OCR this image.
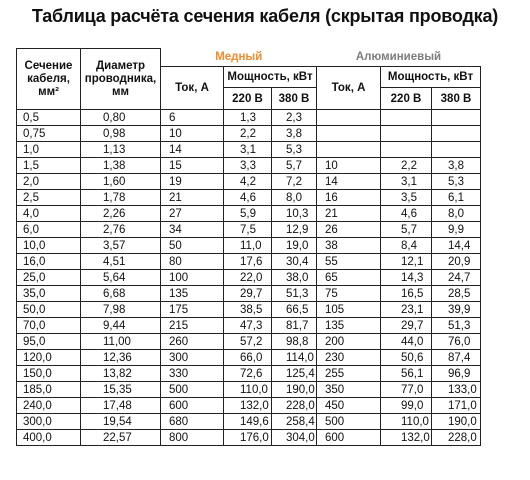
Таблица расчёта сечения кабеля (скрытая проводка)
Сечение
кабеля,
мм²	Диаметр
проводника,
мм	Медный			Алюминиевый		
		Ток, А	Мощность, кВт		Ток, А	Мощность, кВт	
			220 В	380 В		220 В	380 В

0,5	0,80	6	1,3	2,3			
0,75	0,98	10	2,2	3,8			
1,0	1,13	14	3,1	5,3			
1,5	1,38	15	3,3	5,7	10	2,2	3,8
2,0	1,60	19	4,2	7,2	14	3,1	5,3
2,5	1,78	21	4,6	8,0	16	3,5	6,1
4,0	2,26	27	5,9	10,3	21	4,6	8,0
6,0	2,76	34	7,5	12,9	26	5,7	9,9
10,0	3,57	50	11,0	19,0	38	8,4	14,4
16,0	4,51	80	17,6	30,4	55	12,1	20,9
25,0	5,64	100	22,0	38,0	65	14,3	24,7
35,0	6,68	135	29,7	51,3	75	16,5	28,5
50,0	7,98	175	38,5	66,5	105	23,1	39,9
70,0	9,44	215	47,3	81,7	135	29,7	51,3
95,0	11,00	260	57,2	98,8	200	44,0	76,0
120,0	12,36	300	66,0	114,0	230	50,6	87,4
150,0	13,82	330	72,6	125,4	255	56,1	96,9
185,0	15,35	500	110,0	190,0	350	77,0	133,0
240,0	17,48	600	132,0	228,0	450	99,0	171,0
300,0	19,54	680	149,6	258,4	500	110,0	190,0
400,0	22,57	800	176,0	304,0	600	132,0	228,0
